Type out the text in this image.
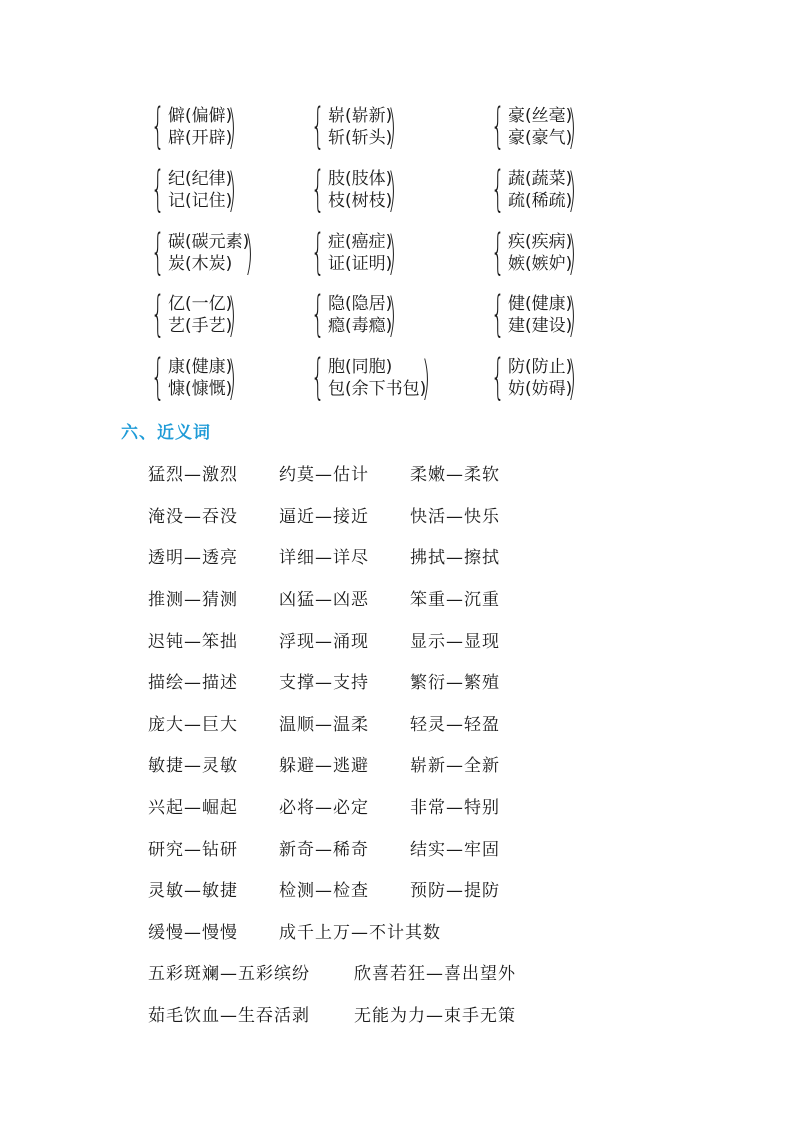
{ 僻(偏僻)
辟(开辟)
) { 崭(崭新)
斩(斩头)
) { 豪(丝毫)
豪(豪气)
)
{ 纪(纪律)
记(记住)
) { 肢(肢体)
枝(树枝)
) { 蔬(蔬菜)
疏(稀疏)
)
{ 碳(碳元素)
炭(木炭) ) { 症(癌症)
证(证明)
) { 疾(疾病)
嫉(嫉妒)
)
{ 亿(一亿)
艺(手艺)
) { 隐(隐居)
瘾(毒瘾)
) { 健(健康)
建(建设)
)
{ 康(健康)
慷(慷慨)
) { 胞(同胞)
包(余下书包)
) { 防(防止)
妨(妨碍)
)
六、近义词
猛烈—激烈 约莫—估计 柔嫩—柔软
淹没—吞没 逼近—接近 快活—快乐
透明—透亮 详细—详尽 拂拭—擦拭
推测—猜测 凶猛—凶恶 笨重—沉重
迟钝—笨拙 浮现—涌现 显示—显现
描绘—描述 支撑—支持 繁衍—繁殖
庞大—巨大 温顺—温柔 轻灵—轻盈
敏捷—灵敏 躲避—逃避 崭新—全新
兴起—崛起 必将—必定 非常—特别
研究—钻研 新奇—稀奇 结实—牢固
灵敏—敏捷 检测—检查 预防—提防
缓慢—慢慢 成千上万—不计其数
五彩斑斓—五彩缤纷	欣喜若狂—喜出望外
茹毛饮血—生吞活剥	无能为力—束手无策
